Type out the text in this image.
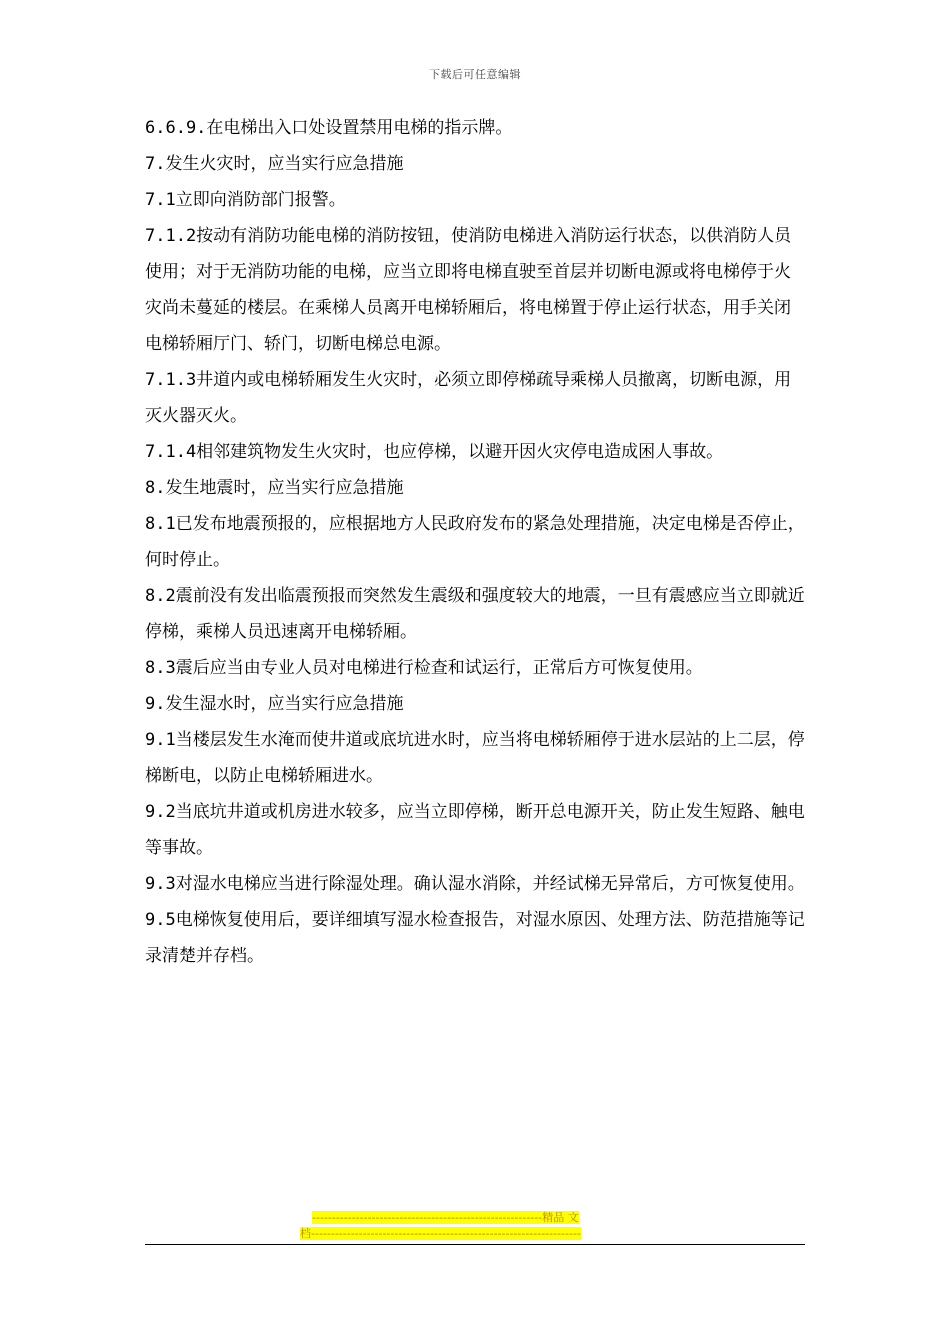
下载后可任意编辑

6.6.9.在电梯出入口处设置禁用电梯的指示牌。

7.发生火灾时，应当实行应急措施

7.1立即向消防部门报警。

7.1.2按动有消防功能电梯的消防按钮，使消防电梯进入消防运行状态，以供消防人员使用；对于无消防功能的电梯，应当立即将电梯直驶至首层并切断电源或将电梯停于火灾尚未蔓延的楼层。在乘梯人员离开电梯轿厢后，将电梯置于停止运行状态，用手关闭电梯轿厢厅门、轿门，切断电梯总电源。

7.1.3井道内或电梯轿厢发生火灾时，必须立即停梯疏导乘梯人员撤离，切断电源，用灭火器灭火。

7.1.4相邻建筑物发生火灾时，也应停梯，以避开因火灾停电造成困人事故。

8.发生地震时，应当实行应急措施

8.1已发布地震预报的，应根据地方人民政府发布的紧急处理措施，决定电梯是否停止，何时停止。

8.2震前没有发出临震预报而突然发生震级和强度较大的地震，一旦有震感应当立即就近停梯，乘梯人员迅速离开电梯轿厢。

8.3震后应当由专业人员对电梯进行检查和试运行，正常后方可恢复使用。

9.发生湿水时，应当实行应急措施

9.1当楼层发生水淹而使井道或底坑进水时，应当将电梯轿厢停于进水层站的上二层，停梯断电，以防止电梯轿厢进水。

9.2当底坑井道或机房进水较多，应当立即停梯，断开总电源开关，防止发生短路、触电等事故。

9.3对湿水电梯应当进行除湿处理。确认湿水消除，并经试梯无异常后，方可恢复使用。

9.5电梯恢复使用后，要详细填写湿水检查报告，对湿水原因、处理方法、防范措施等记录清楚并存档。

----------------------------------------------------------精品 文
档--------------------------------------------------------------------
